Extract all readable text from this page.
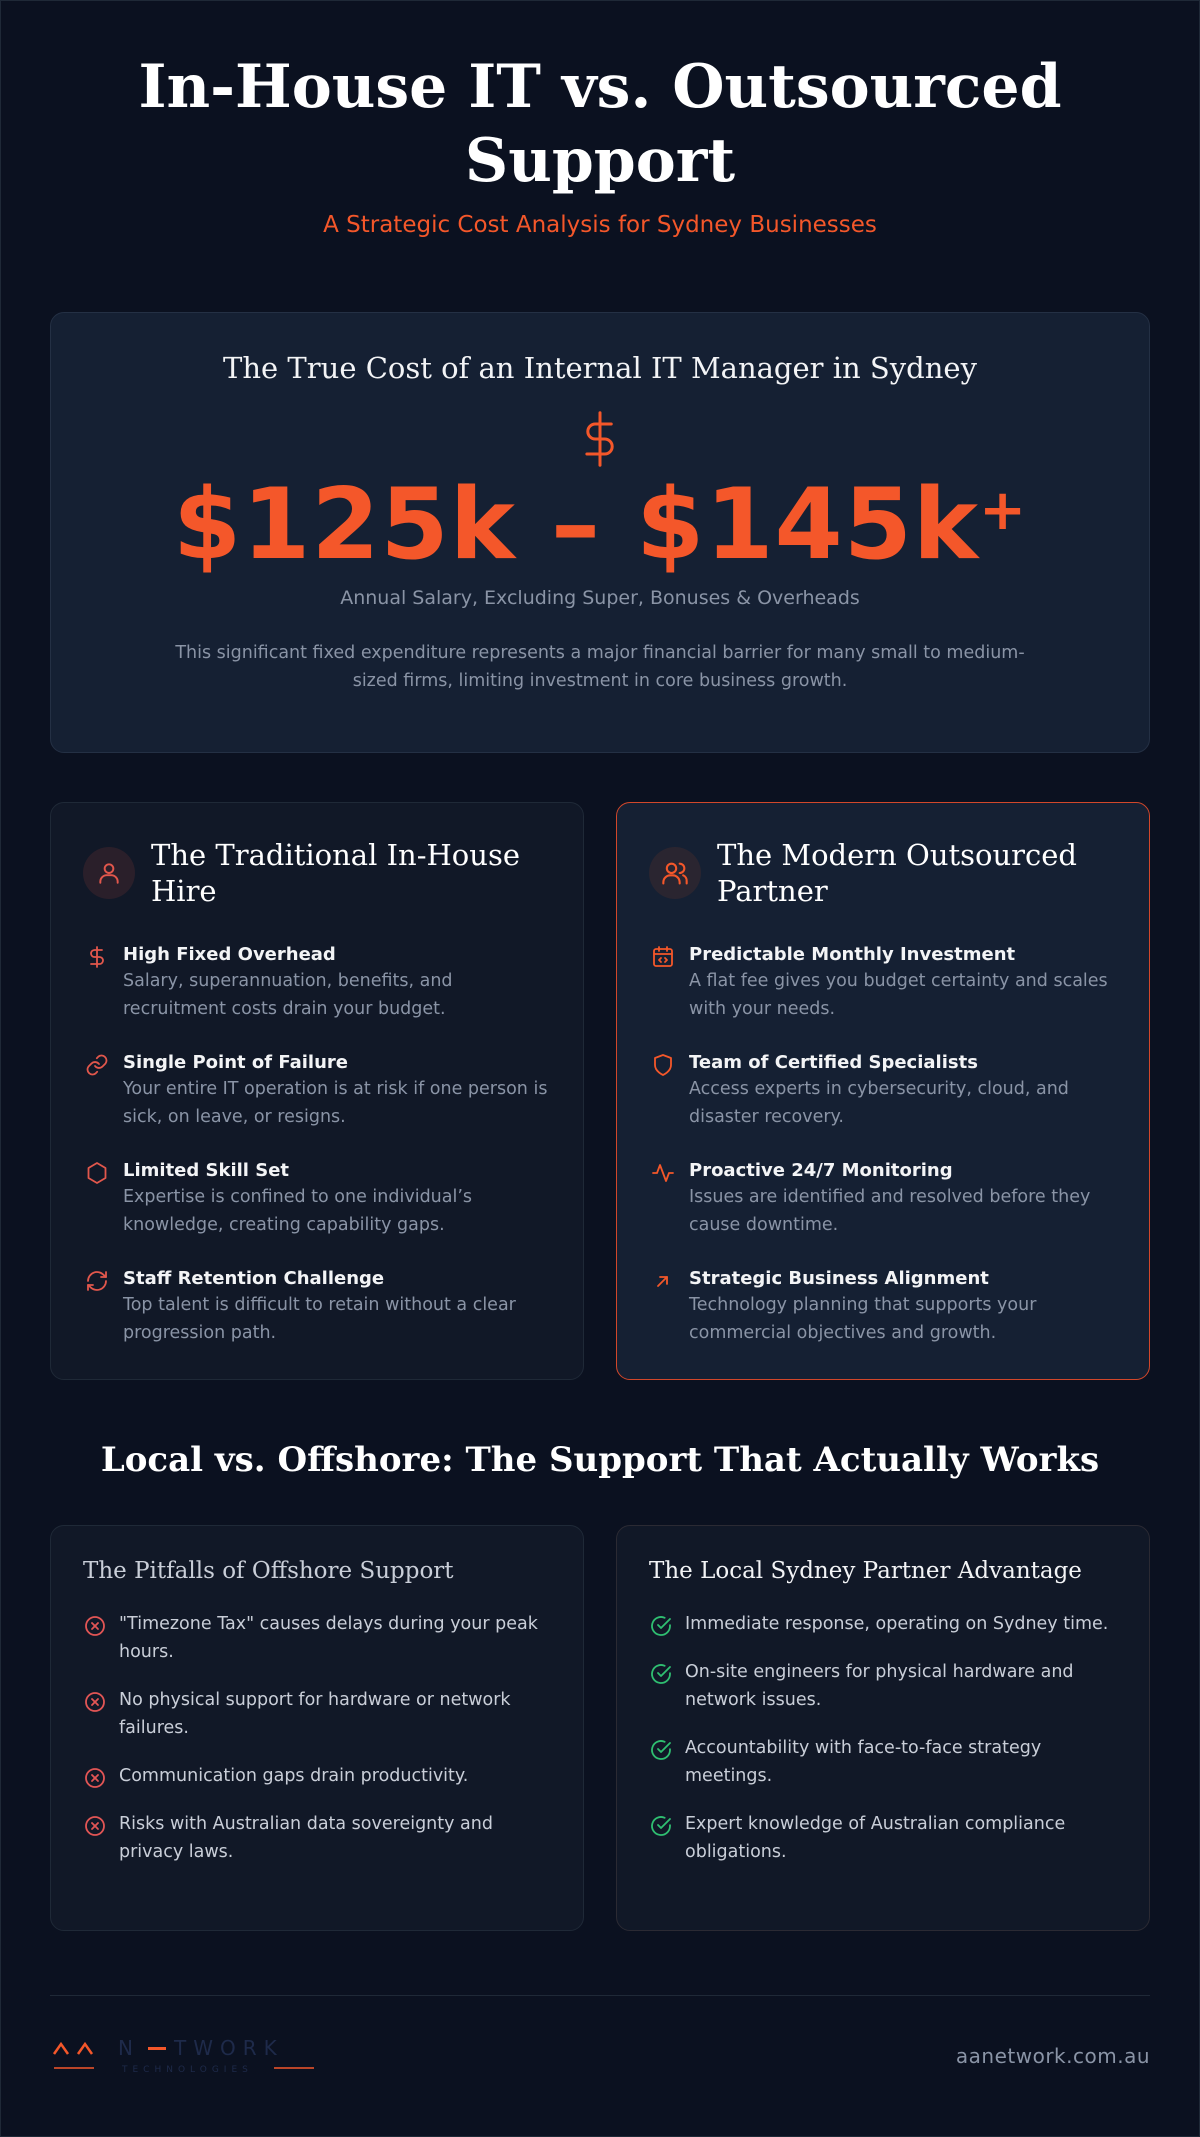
In-House IT vs. Outsourced Support
A Strategic Cost Analysis for Sydney Businesses
The True Cost of an Internal IT Manager in Sydney
$125k – $145k+
Annual Salary, Excluding Super, Bonuses & Overheads
This significant fixed expenditure represents a major financial barrier for many small to medium-sized firms, limiting investment in core business growth.
The Traditional In-House Hire
High Fixed Overhead
Salary, superannuation, benefits, and recruitment costs drain your budget.
Single Point of Failure
Your entire IT operation is at risk if one person is sick, on leave, or resigns.
Limited Skill Set
Expertise is confined to one individual’s knowledge, creating capability gaps.
Staff Retention Challenge
Top talent is difficult to retain without a clear progression path.
The Modern Outsourced Partner
Predictable Monthly Investment
A flat fee gives you budget certainty and scales with your needs.
Team of Certified Specialists
Access experts in cybersecurity, cloud, and disaster recovery.
Proactive 24/7 Monitoring
Issues are identified and resolved before they cause downtime.
Strategic Business Alignment
Technology planning that supports your commercial objectives and growth.
Local vs. Offshore: The Support That Actually Works
The Pitfalls of Offshore Support
"Timezone Tax" causes delays during your peak hours.
No physical support for hardware or network failures.
Communication gaps drain productivity.
Risks with Australian data sovereignty and privacy laws.
The Local Sydney Partner Advantage
Immediate response, operating on Sydney time.
On-site engineers for physical hardware and network issues.
Accountability with face-to-face strategy meetings.
Expert knowledge of Australian compliance obligations.
N TWORK
TECHNOLOGIES
aanetwork.com.au
